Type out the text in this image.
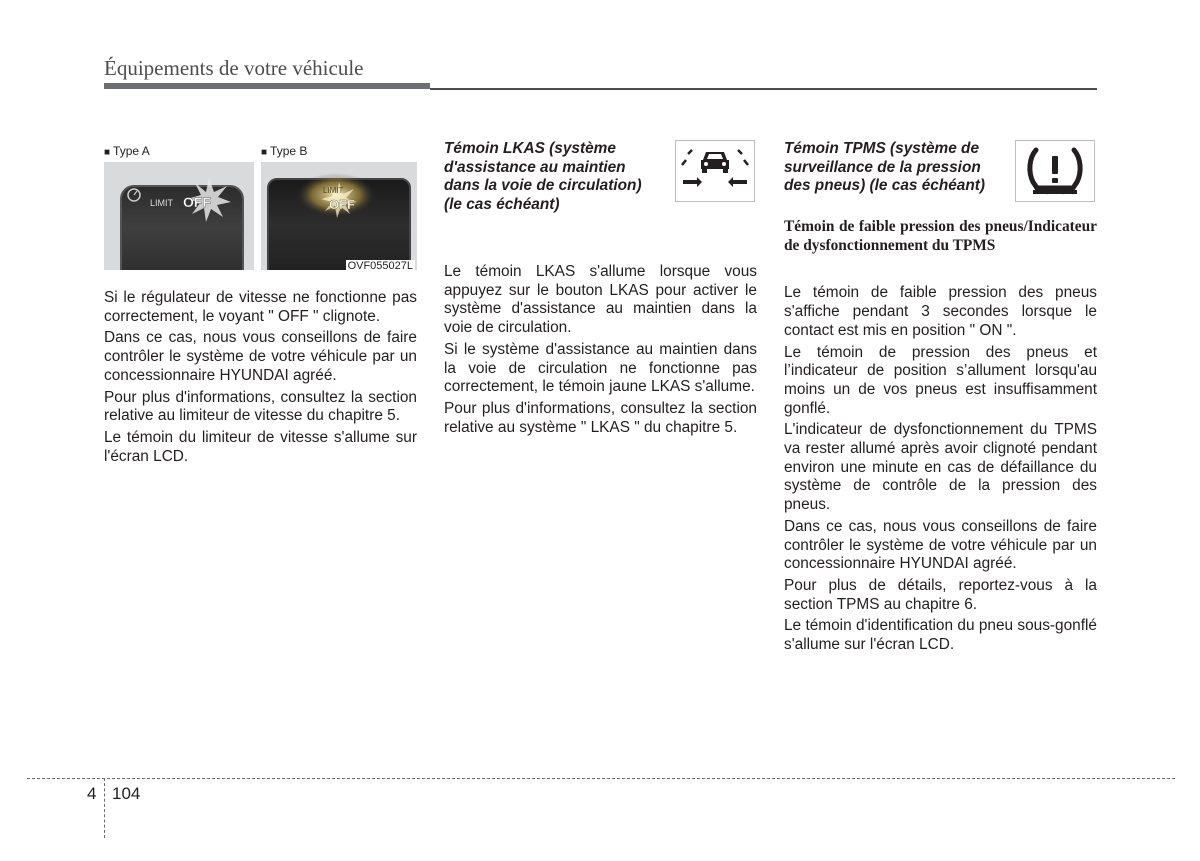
Équipements de votre véhicule
■ Type A	■ Type B
LIMIT OFF
LIMIT
OFF
OVF055027L

Si le régulateur de vitesse ne fonctionne pas correctement, le voyant " OFF " clignote.

Dans ce cas, nous vous conseillons de faire contrôler le système de votre véhicule par un concessionnaire HYUNDAI agréé.

Pour plus d'informations, consultez la section relative au limiteur de vitesse du chapitre 5.

Le témoin du limiteur de vitesse s'allume sur l'écran LCD.

Témoin LKAS (système d'assistance au maintien dans la voie de circulation)

(le cas échéant)

Le témoin LKAS s'allume lorsque vous appuyez sur le bouton LKAS pour activer le système d'assistance au maintien dans la voie de circulation.

Si le système d'assistance au maintien dans la voie de circulation ne fonctionne pas correctement, le témoin jaune LKAS s'allume.

Pour plus d'informations, consultez la section relative au système " LKAS " du chapitre 5.

Témoin TPMS (système de surveillance de la pression des pneus) (le cas échéant)

Témoin de faible pression des pneus/Indicateur de dysfonctionnement du TPMS

Le témoin de faible pression des pneus s'affiche pendant 3 secondes lorsque le contact est mis en position " ON ".

Le témoin de pression des pneus et l’indicateur de position s’allument lorsqu'au moins un de vos pneus est insuffisamment gonflé.

L'indicateur de dysfonctionnement du TPMS va rester allumé après avoir clignoté pendant environ une minute en cas de défaillance du système de contrôle de la pression des pneus.

Dans ce cas, nous vous conseillons de faire contrôler le système de votre véhicule par un concessionnaire HYUNDAI agréé.

Pour plus de détails, reportez-vous à la section TPMS au chapitre 6.

Le témoin d'identification du pneu sous-gonflé s'allume sur l'écran LCD.

4 104
